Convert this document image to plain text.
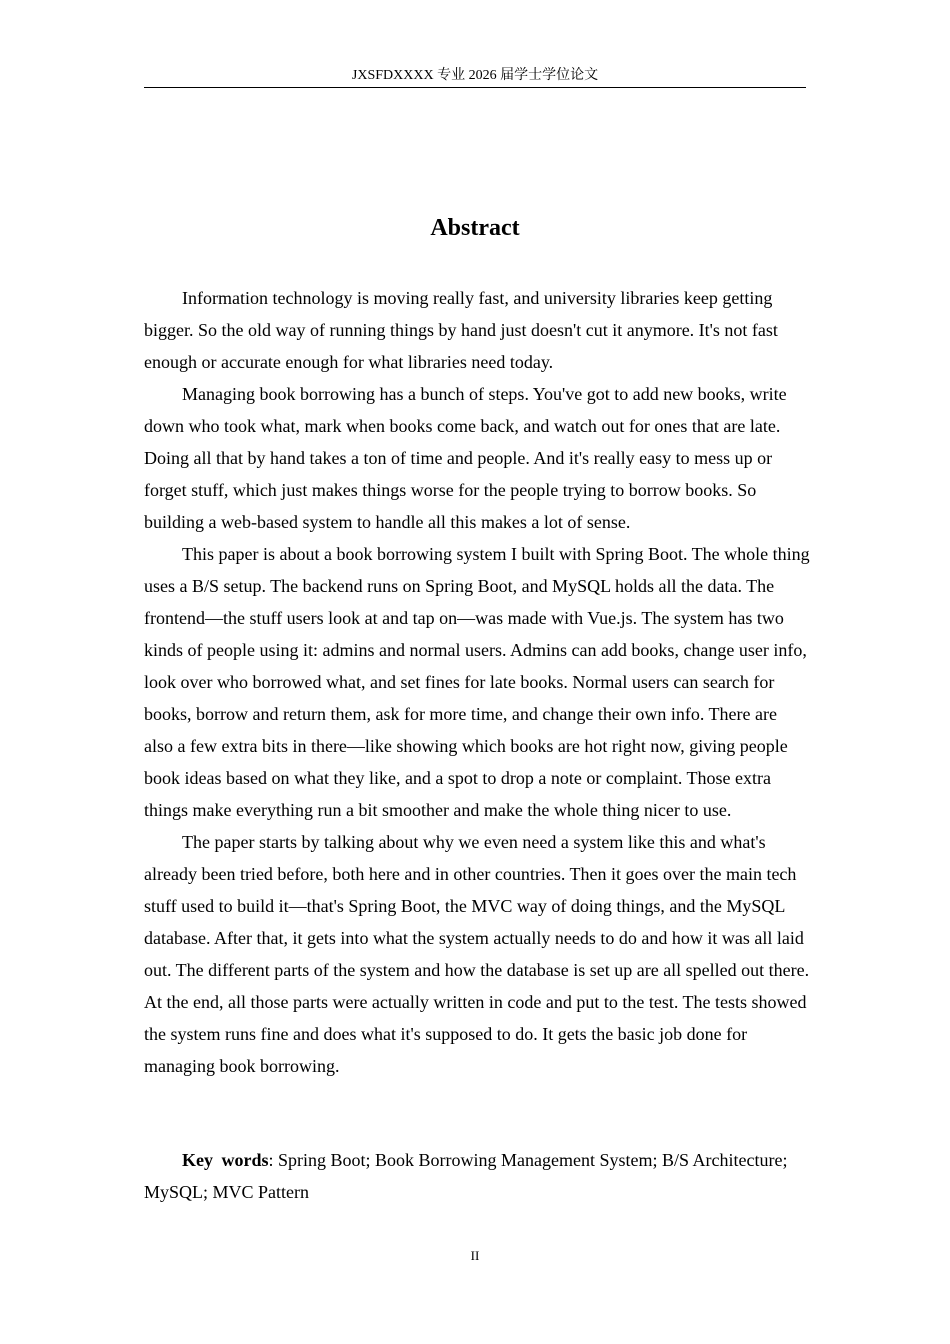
JXSFDXXXX 专业 2026 届学士学位论文
Abstract

Information technology is moving really fast, and university libraries keep getting bigger. So the old way of running things by hand just doesn't cut it anymore. It's not fast enough or accurate enough for what libraries need today.

Managing book borrowing has a bunch of steps. You've got to add new books, write down who took what, mark when books come back, and watch out for ones that are late. Doing all that by hand takes a ton of time and people. And it's really easy to mess up or forget stuff, which just makes things worse for the people trying to borrow books. So building a web-based system to handle all this makes a lot of sense.

This paper is about a book borrowing system I built with Spring Boot. The whole thing uses a B/S setup. The backend runs on Spring Boot, and MySQL holds all the data. The frontend—the stuff users look at and tap on—was made with Vue.js. The system has two kinds of people using it: admins and normal users. Admins can add books, change user info, look over who borrowed what, and set fines for late books. Normal users can search for books, borrow and return them, ask for more time, and change their own info. There are also a few extra bits in there—like showing which books are hot right now, giving people book ideas based on what they like, and a spot to drop a note or complaint. Those extra things make everything run a bit smoother and make the whole thing nicer to use.

The paper starts by talking about why we even need a system like this and what's already been tried before, both here and in other countries. Then it goes over the main tech stuff used to build it—that's Spring Boot, the MVC way of doing things, and the MySQL database. After that, it gets into what the system actually needs to do and how it was all laid out. The different parts of the system and how the database is set up are all spelled out there. At the end, all those parts were actually written in code and put to the test. The tests showed the system runs fine and does what it's supposed to do. It gets the basic job done for managing book borrowing.

Key words: Spring Boot; Book Borrowing Management System; B/S Architecture; MySQL; MVC Pattern

II
